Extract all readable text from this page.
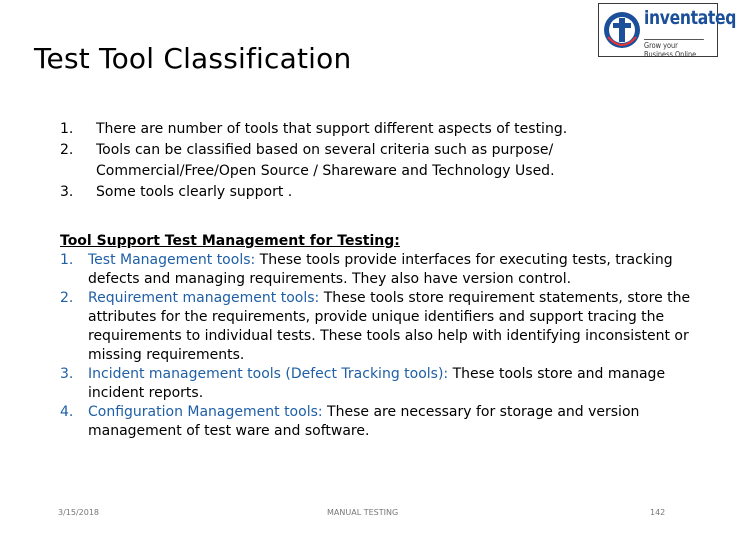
Test Tool Classification
inventateq
Grow your Business Online
1.	There are number of tools that support different aspects of testing.
2.	Tools can be classified based on several criteria such as purpose/ Commercial/Free/Open Source / Shareware and Technology Used.
3.	Some tools clearly support .
Tool Support Test Management for Testing:
1.	Test Management tools: These tools provide interfaces for executing tests, tracking defects and managing requirements. They also have version control.
2.	Requirement management tools: These tools store requirement statements, store the attributes for the requirements, provide unique identifiers and support tracing the requirements to individual tests. These tools also help with identifying inconsistent or missing requirements.
3.	Incident management tools (Defect Tracking tools): These tools store and manage incident reports.
4.	Configuration Management tools: These are necessary for storage and version management of test ware and software.
3/15/2018	MANUAL TESTING	142
